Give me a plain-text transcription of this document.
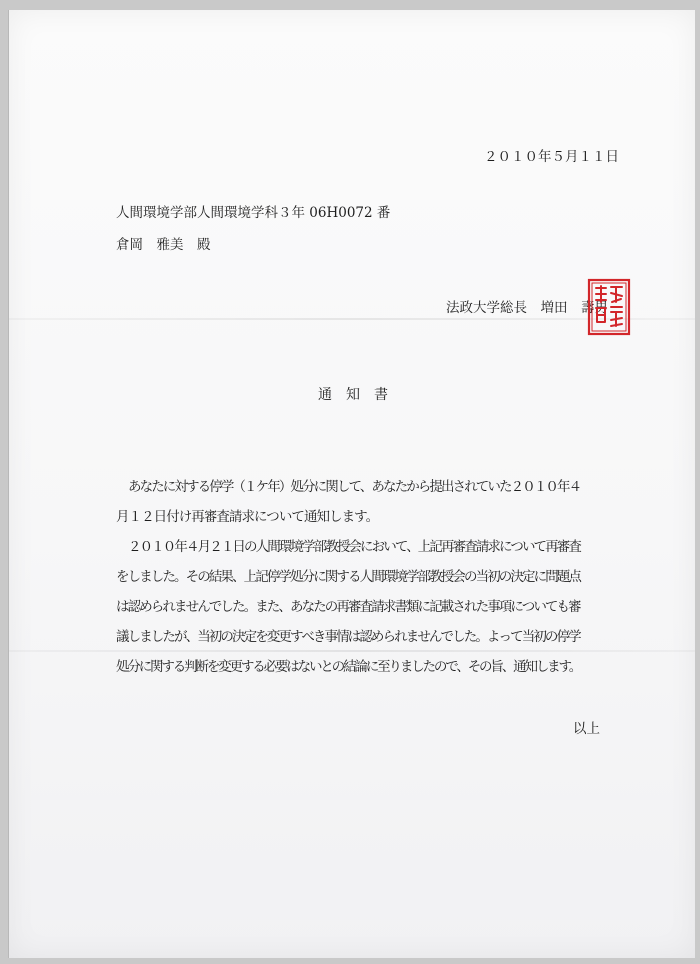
２０１０年５月１１日
人間環境学部人間環境学科３年 06H0072 番
倉岡　雅美　殿
法政大学総長　増田　壽男
通　知　書
あなたに対する停学（１ケ年）処分に関して、あなたから提出されていた２０１０年４
月１２日付け再審査請求について通知します。
２０１０年４月２１日の人間環境学部教授会において、上記再審査請求について再審査
をしました。その結果、上記停学処分に関する人間環境学部教授会の当初の決定に問題点
は認められませんでした。また、あなたの再審査請求書類に記載された事項についても審
議しましたが、当初の決定を変更すべき事情は認められませんでした。よって当初の停学
処分に関する判断を変更する必要はないとの結論に至りましたので、その旨、通知します。
以上
